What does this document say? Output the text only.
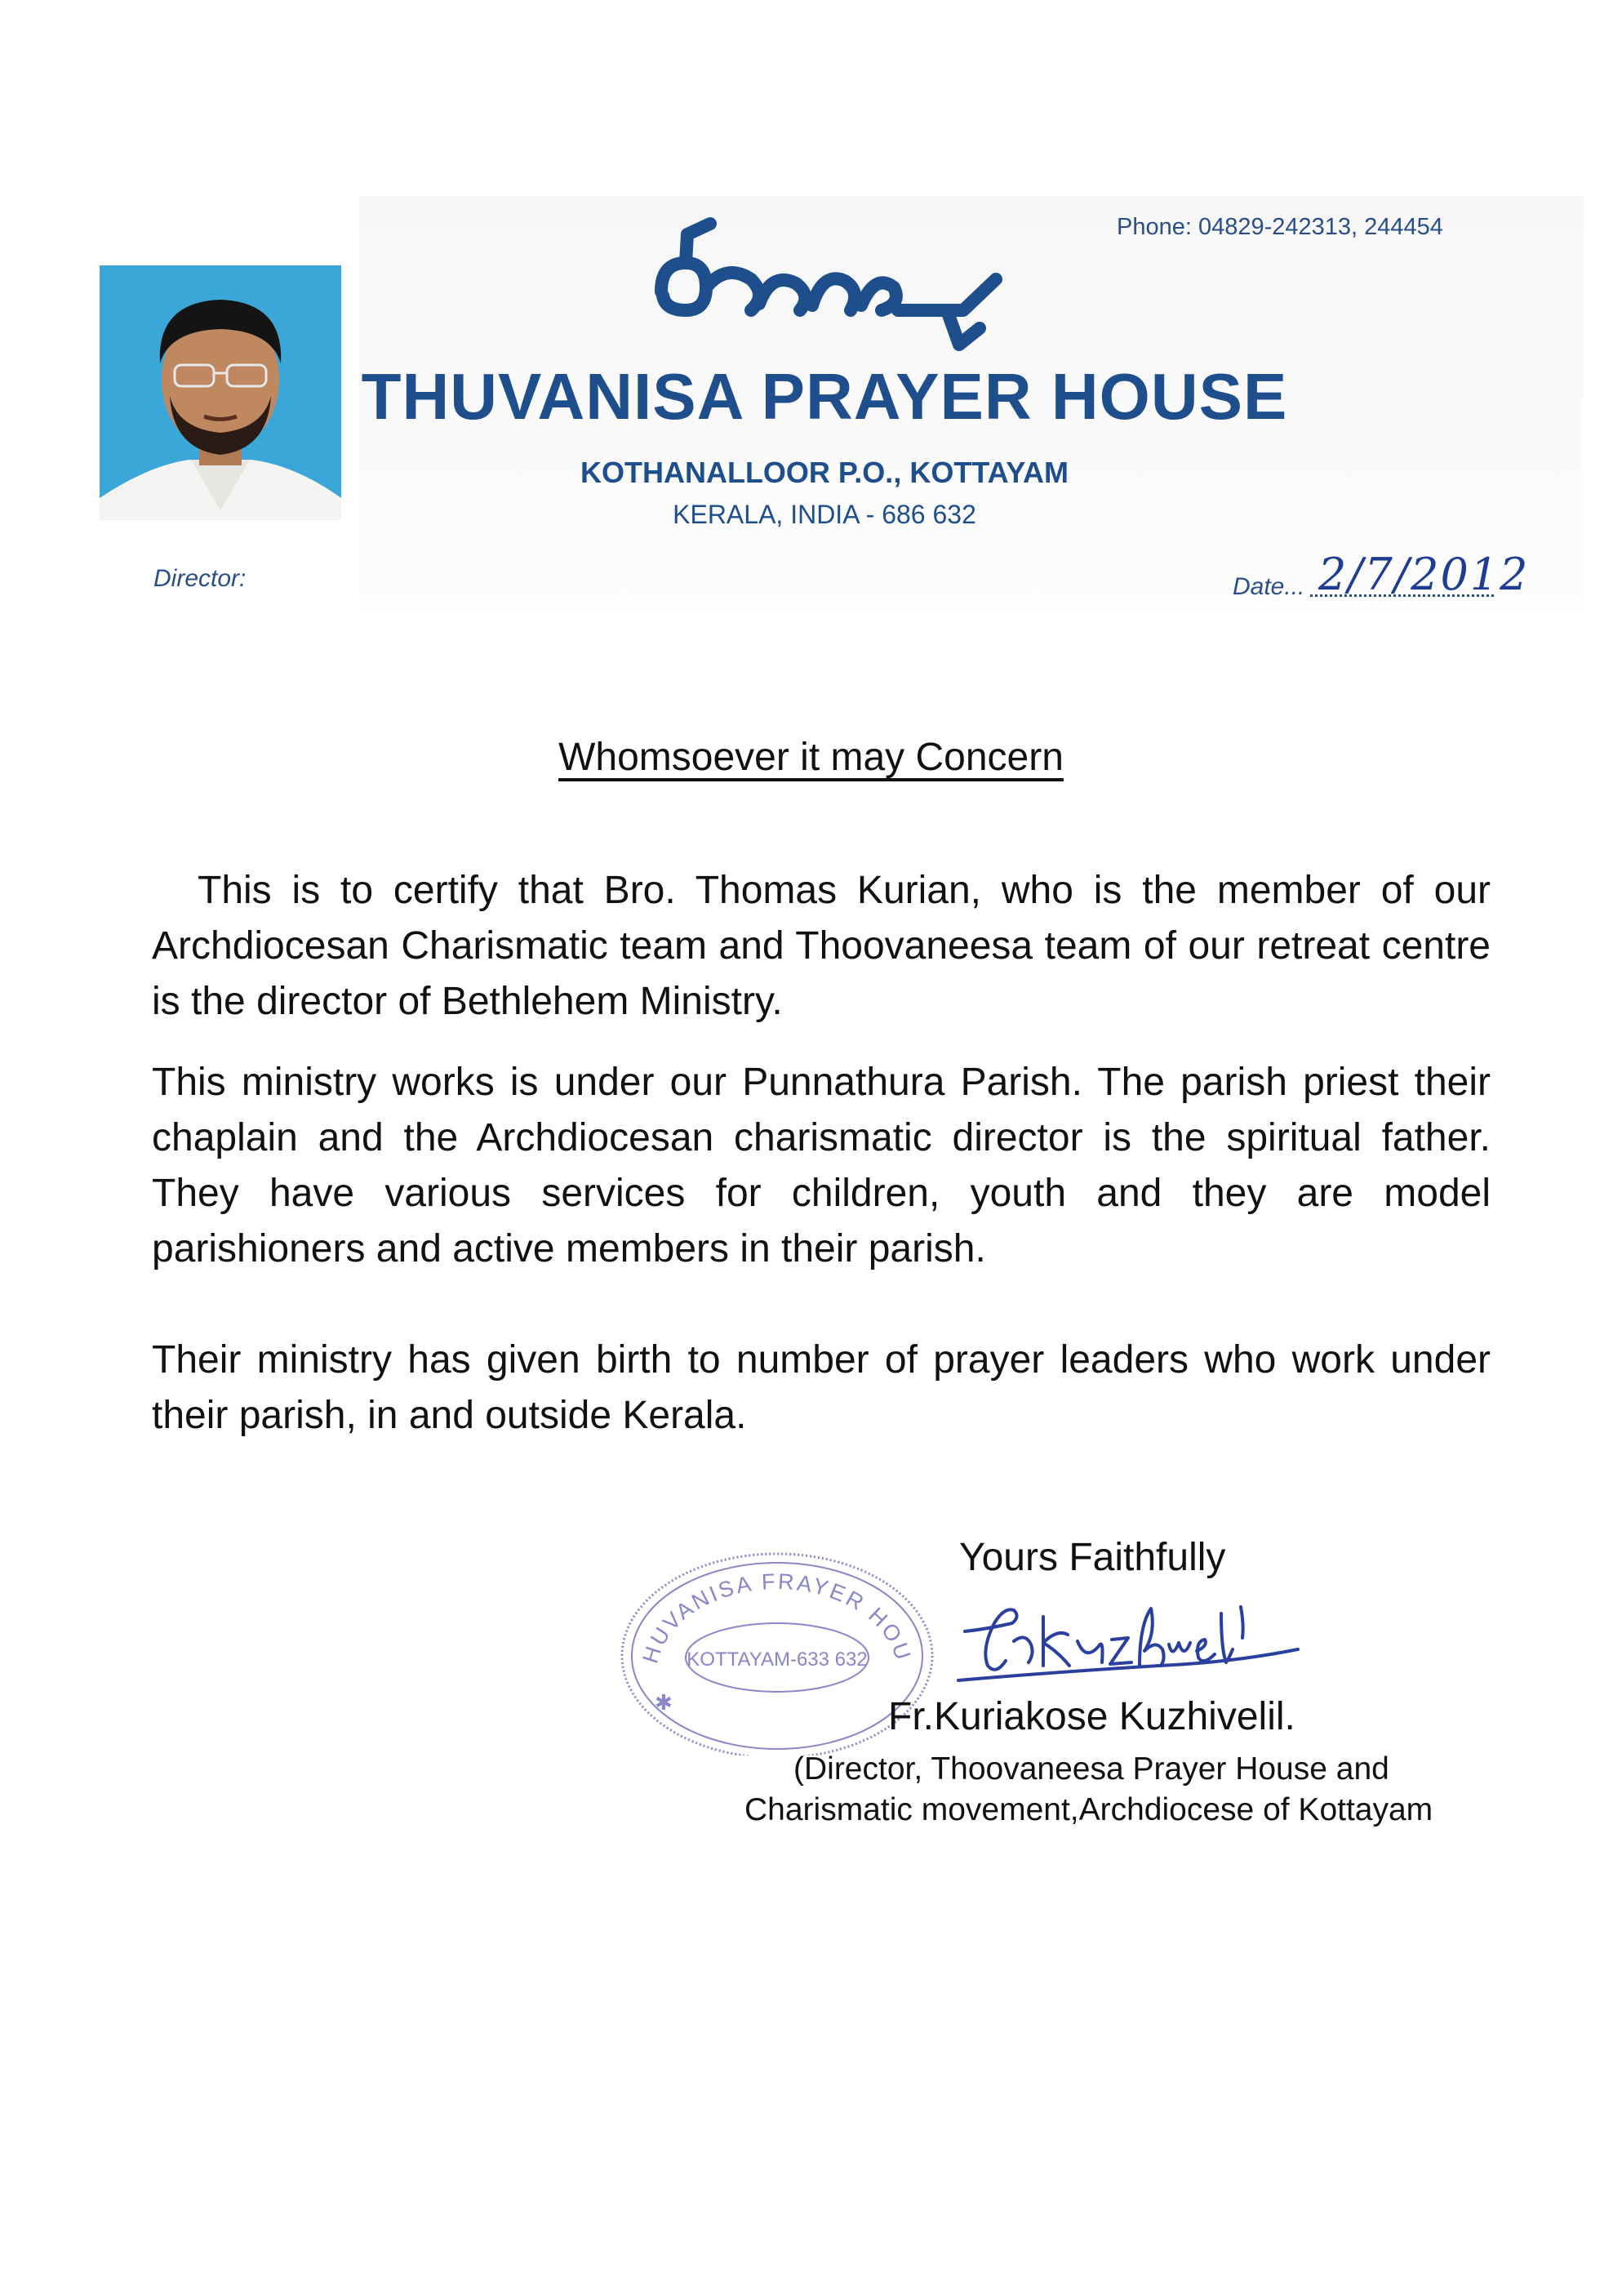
Phone: 04829-242313, 244454
THUVANISA PRAYER HOUSE
KOTHANALLOOR P.O., KOTTAYAM
KERALA, INDIA - 686 632
Director:	Date... 2/7/2012
Whomsoever it may Concern
This is to certify that Bro. Thomas Kurian, who is the member of our Archdiocesan Charismatic team and Thoovaneesa team of our retreat centre is the director of Bethlehem Ministry.
This ministry works is under our Punnathura Parish. The parish priest their chaplain and the Archdiocesan charismatic director is the spiritual father. They have various services for children, youth and they are model parishioners and active members in their parish.
Their ministry has given birth to number of prayer leaders who work under their parish, in and outside Kerala.
HUVANISA FRAYER HOU
KOTTAYAM-633 632
✱
Yours Faithfully
Fr.Kuriakose Kuzhivelil.
(Director, Thoovaneesa Prayer House and
Charismatic movement,Archdiocese of Kottayam
